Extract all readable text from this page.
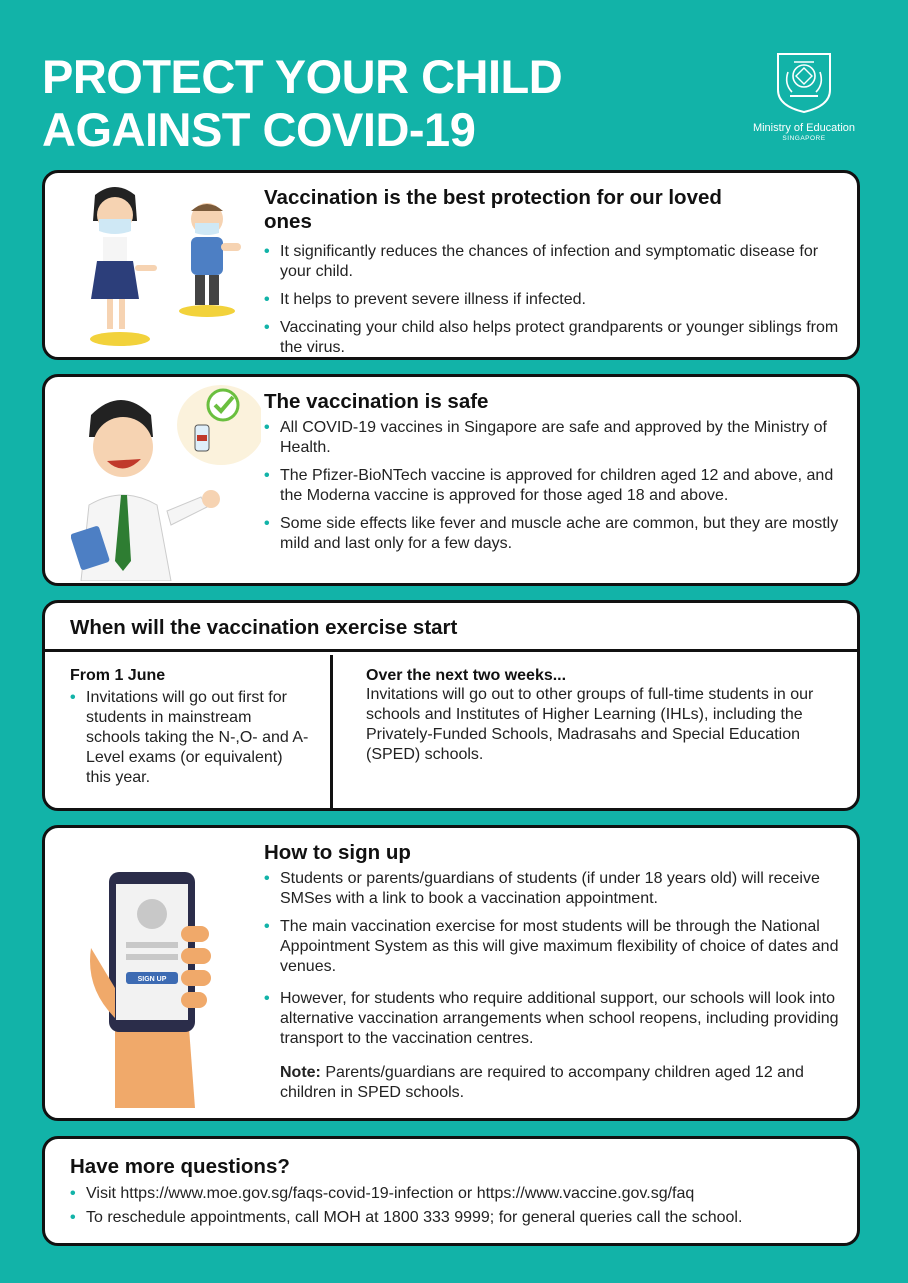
PROTECT YOUR CHILD
AGAINST COVID-19	Ministry of Education
SINGAPORE
Vaccination is the best protection for our loved ones
• It significantly reduces the chances of infection and symptomatic disease for your child.
• It helps to prevent severe illness if infected.
• Vaccinating your child also helps protect grandparents or younger siblings from the virus.
The vaccination is safe
• All COVID-19 vaccines in Singapore are safe and approved by the Ministry of Health.
• The Pfizer-BioNTech vaccine is approved for children aged 12 and above, and the Moderna vaccine is approved for those aged 18 and above.
• Some side effects like fever and muscle ache are common, but they are mostly mild and last only for a few days.
When will the vaccination exercise start
From 1 June
• Invitations will go out first for students in mainstream schools taking the N-,O- and A-Level exams (or equivalent) this year.
Over the next two weeks...
Invitations will go out to other groups of full-time students in our schools and Institutes of Higher Learning (IHLs), including the Privately-Funded Schools, Madrasahs and Special Education (SPED) schools.
SIGN UP
How to sign up
• Students or parents/guardians of students (if under 18 years old) will receive SMSes with a link to book a vaccination appointment.
• The main vaccination exercise for most students will be through the National Appointment System as this will give maximum flexibility of choice of dates and venues.
• However, for students who require additional support, our schools will look into alternative vaccination arrangements when school reopens, including providing transport to the vaccination centres.
Note: Parents/guardians are required to accompany children aged 12 and children in SPED schools.
Have more questions?
• Visit https://www.moe.gov.sg/faqs-covid-19-infection or https://www.vaccine.gov.sg/faq
• To reschedule appointments, call MOH at 1800 333 9999; for general queries call the school.
